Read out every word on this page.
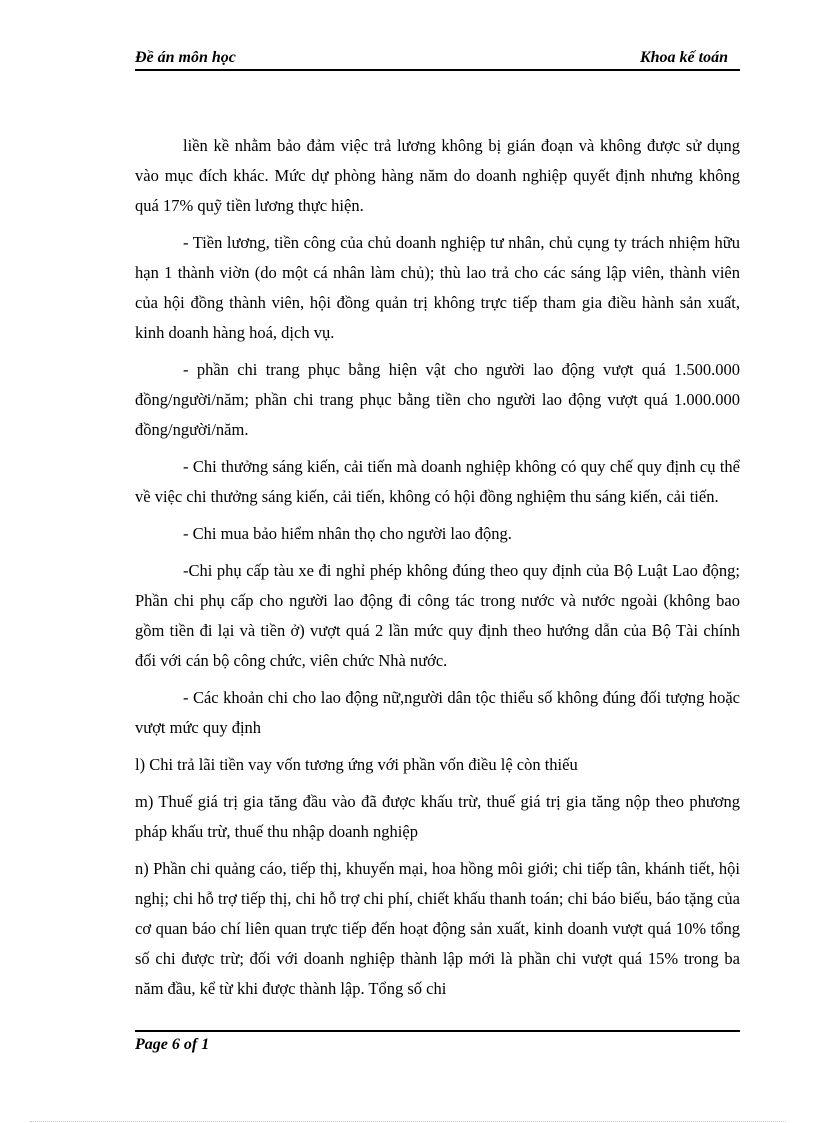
Đề án môn học	Khoa kế toán

liền kề nhằm bảo đảm việc trả lương không bị gián đoạn và không được sử dụng vào mục đích khác. Mức dự phòng hàng năm do doanh nghiệp quyết định nhưng không quá 17% quỹ tiền lương thực hiện.

- Tiền lương, tiền công của chủ doanh nghiệp tư nhân, chủ cụng ty trách nhiệm hữu hạn 1 thành viờn (do một cá nhân làm chủ); thù lao trả cho các sáng lập viên, thành viên của hội đồng thành viên, hội đồng quản trị không trực tiếp tham gia điều hành sản xuất, kinh doanh hàng hoá, dịch vụ.

- phần chi trang phục bằng hiện vật cho người lao động vượt quá 1.500.000 đồng/người/năm; phần chi trang phục bằng tiền cho người lao động vượt quá 1.000.000 đồng/người/năm.

- Chi thưởng sáng kiến, cải tiến mà doanh nghiệp không có quy chế quy định cụ thể về việc chi thưởng sáng kiến, cải tiến, không có hội đồng nghiệm thu sáng kiến, cải tiến.

- Chi mua bảo hiểm nhân thọ cho người lao động.

-Chi phụ cấp tàu xe đi nghỉ phép không đúng theo quy định của Bộ Luật Lao động; Phần chi phụ cấp cho người lao động đi công tác trong nước và nước ngoài (không bao gồm tiền đi lại và tiền ở) vượt quá 2 lần mức quy định theo hướng dẫn của Bộ Tài chính đối với cán bộ công chức, viên chức Nhà nước.

- Các khoản chi cho lao động nữ,người dân tộc thiểu số không đúng đối tượng hoặc vượt mức quy định

l) Chi trả lãi tiền vay vốn tương ứng với phần vốn điều lệ còn thiếu

m) Thuế giá trị gia tăng đầu vào đã được khấu trừ, thuế giá trị gia tăng nộp theo phương pháp khấu trừ, thuế thu nhập doanh nghiệp

n) Phần chi quảng cáo, tiếp thị, khuyến mại, hoa hồng môi giới; chi tiếp tân, khánh tiết, hội nghị; chi hỗ trợ tiếp thị, chi hỗ trợ chi phí, chiết khấu thanh toán; chi báo biếu, báo tặng của cơ quan báo chí liên quan trực tiếp đến hoạt động sản xuất, kinh doanh vượt quá 10% tổng số chi được trừ; đối với doanh nghiệp thành lập mới là phần chi vượt quá 15% trong ba năm đầu, kể từ khi được thành lập. Tổng số chi

Page 6 of 1
